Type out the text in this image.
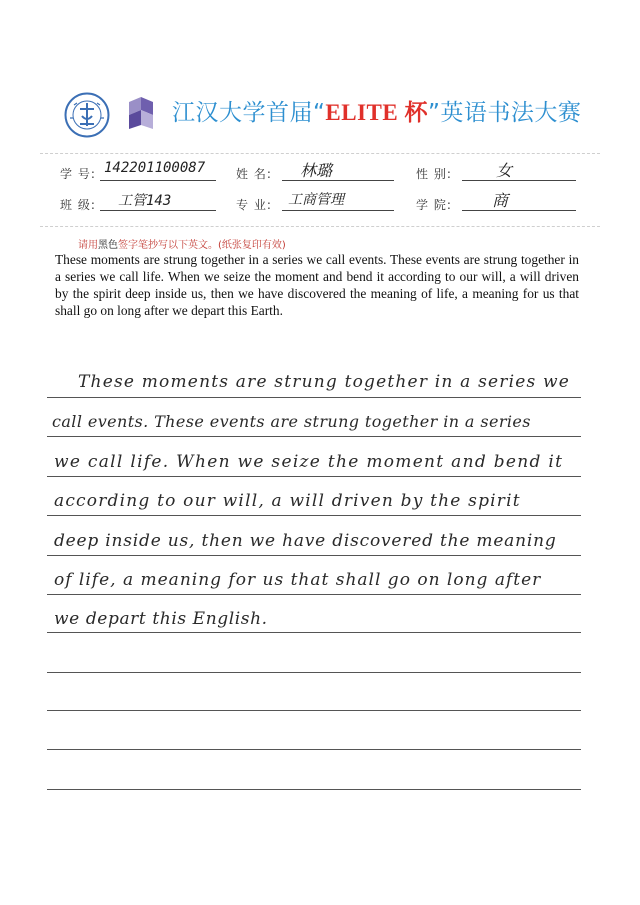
江汉大学首届“ELITE 杯”英语书法大赛
学 号: 142201100087	姓 名: 林璐	性 别:	女
班 级: 工管143	专 业: 工商管理	学 院:	商
请用黑色签字笔抄写以下英文。(纸张复印有效)
These moments are strung together in a series we call events. These events are strung together in a series we call life. When we seize the moment and bend it according to our will, a will driven by the spirit deep inside us, then we have discovered the meaning of life, a meaning for us that shall go on long after we depart this Earth.
These moments are strung together in a series we
call events. These events are strung together in a series
we call life. When we seize the moment and bend it
according to our will, a will driven by the spirit
deep inside us, then we have discovered the meaning
of life, a meaning for us that shall go on long after
we depart this English.
